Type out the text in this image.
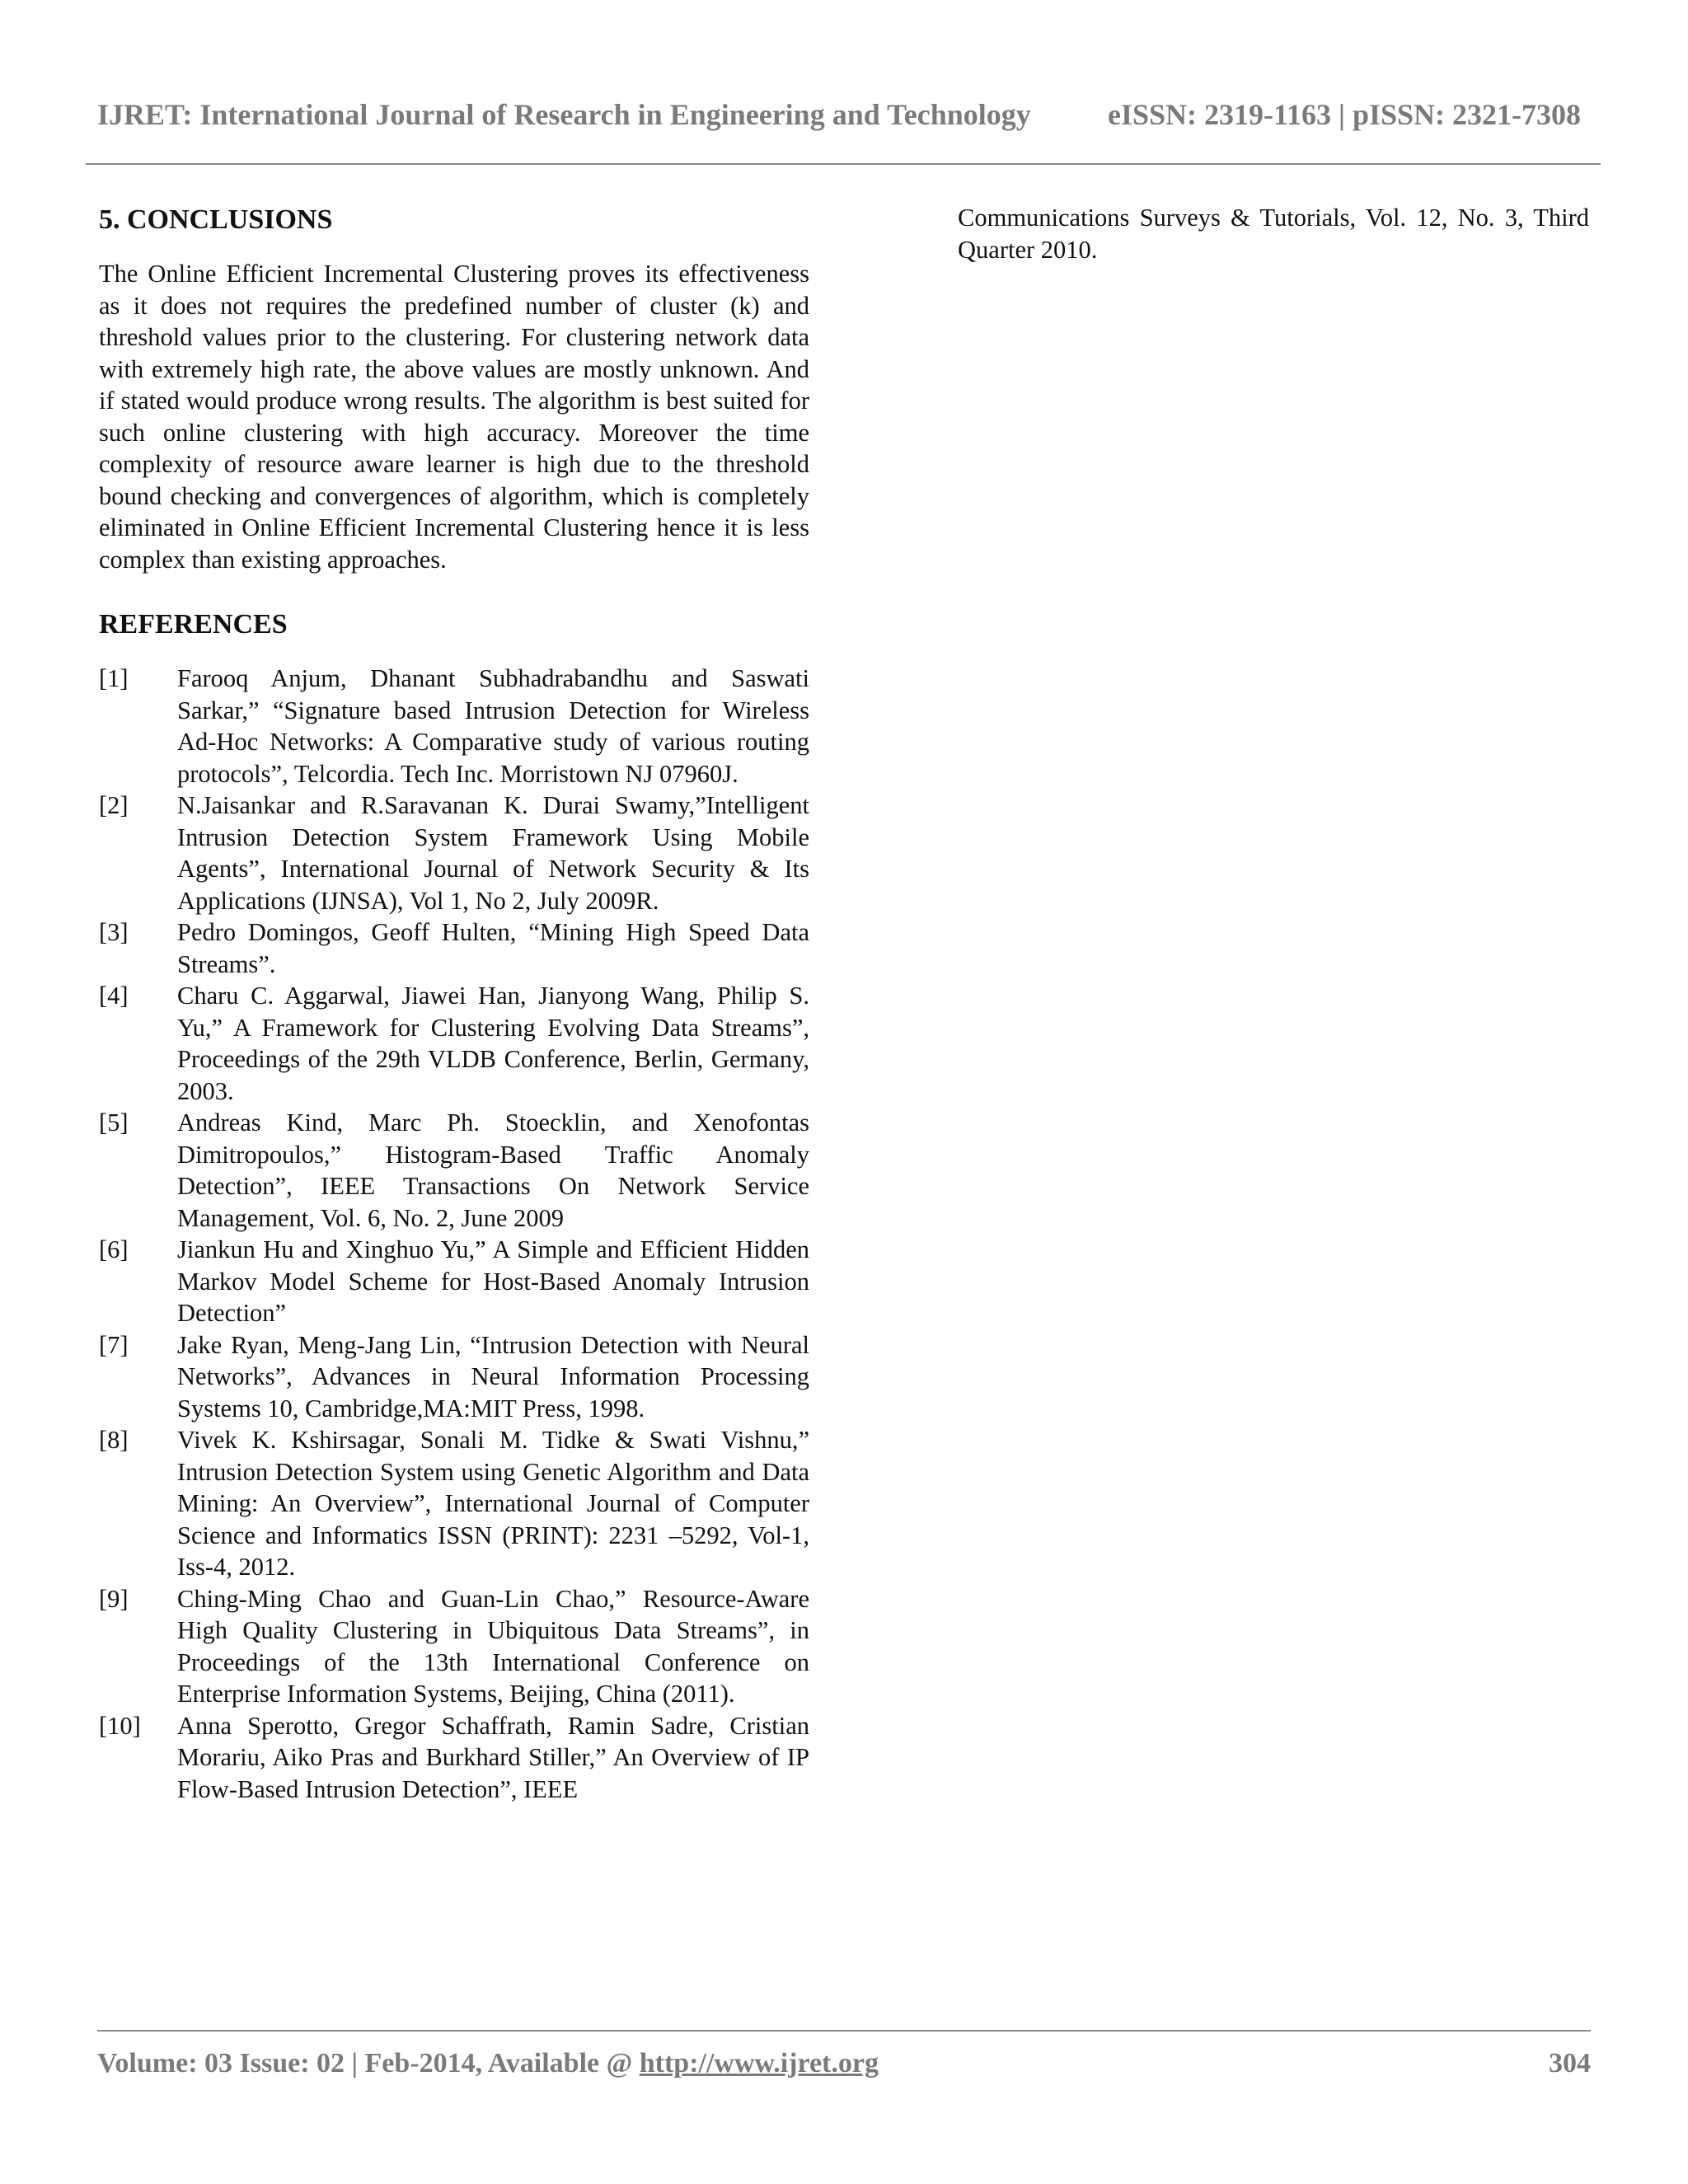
IJRET: International Journal of Research in Engineering and Technology	eISSN: 2319-1163 | pISSN: 2321-7308
5. CONCLUSIONS

The Online Efficient Incremental Clustering proves its effectiveness as it does not requires the predefined number of cluster (k) and threshold values prior to the clustering. For clustering network data with extremely high rate, the above values are mostly unknown. And if stated would produce wrong results. The algorithm is best suited for such online clustering with high accuracy. Moreover the time complexity of resource aware learner is high due to the threshold bound checking and convergences of algorithm, which is completely eliminated in Online Efficient Incremental Clustering hence it is less complex than existing approaches.

REFERENCES
[1]	Farooq Anjum, Dhanant Subhadrabandhu and Saswati Sarkar,” “Signature based Intrusion Detection for Wireless Ad-Hoc Networks: A Comparative study of various routing protocols”, Telcordia. Tech Inc. Morristown NJ 07960J.
[2]	N.Jaisankar and R.Saravanan K. Durai Swamy,”Intelligent Intrusion Detection System Framework Using Mobile Agents”, International Journal of Network Security & Its Applications (IJNSA), Vol 1, No 2, July 2009R.
[3]	Pedro Domingos, Geoff Hulten, “Mining High Speed Data Streams”.
[4]	Charu C. Aggarwal, Jiawei Han, Jianyong Wang, Philip S. Yu,” A Framework for Clustering Evolving Data Streams”, Proceedings of the 29th VLDB Conference, Berlin, Germany, 2003.
[5]	Andreas Kind, Marc Ph. Stoecklin, and Xenofontas Dimitropoulos,” Histogram-Based Traffic Anomaly Detection”, IEEE Transactions On Network Service Management, Vol. 6, No. 2, June 2009
[6]	Jiankun Hu and Xinghuo Yu,” A Simple and Efficient Hidden Markov Model Scheme for Host-Based Anomaly Intrusion Detection”
[7]	Jake Ryan, Meng-Jang Lin, “Intrusion Detection with Neural Networks”, Advances in Neural Information Processing Systems 10, Cambridge,MA:MIT Press, 1998.
[8]	Vivek K. Kshirsagar, Sonali M. Tidke & Swati Vishnu,” Intrusion Detection System using Genetic Algorithm and Data Mining: An Overview”, International Journal of Computer Science and Informatics ISSN (PRINT): 2231 –5292, Vol-1, Iss-4, 2012.
[9]	Ching-Ming Chao and Guan-Lin Chao,” Resource-Aware High Quality Clustering in Ubiquitous Data Streams”, in Proceedings of the 13th International Conference on Enterprise Information Systems, Beijing, China (2011).
[10]	Anna Sperotto, Gregor Schaffrath, Ramin Sadre, Cristian Morariu, Aiko Pras and Burkhard Stiller,” An Overview of IP Flow-Based Intrusion Detection”, IEEE

Communications Surveys & Tutorials, Vol. 12, No. 3, Third Quarter 2010.

Volume: 03 Issue: 02 | Feb-2014, Available @ http://www.ijret.org	304
